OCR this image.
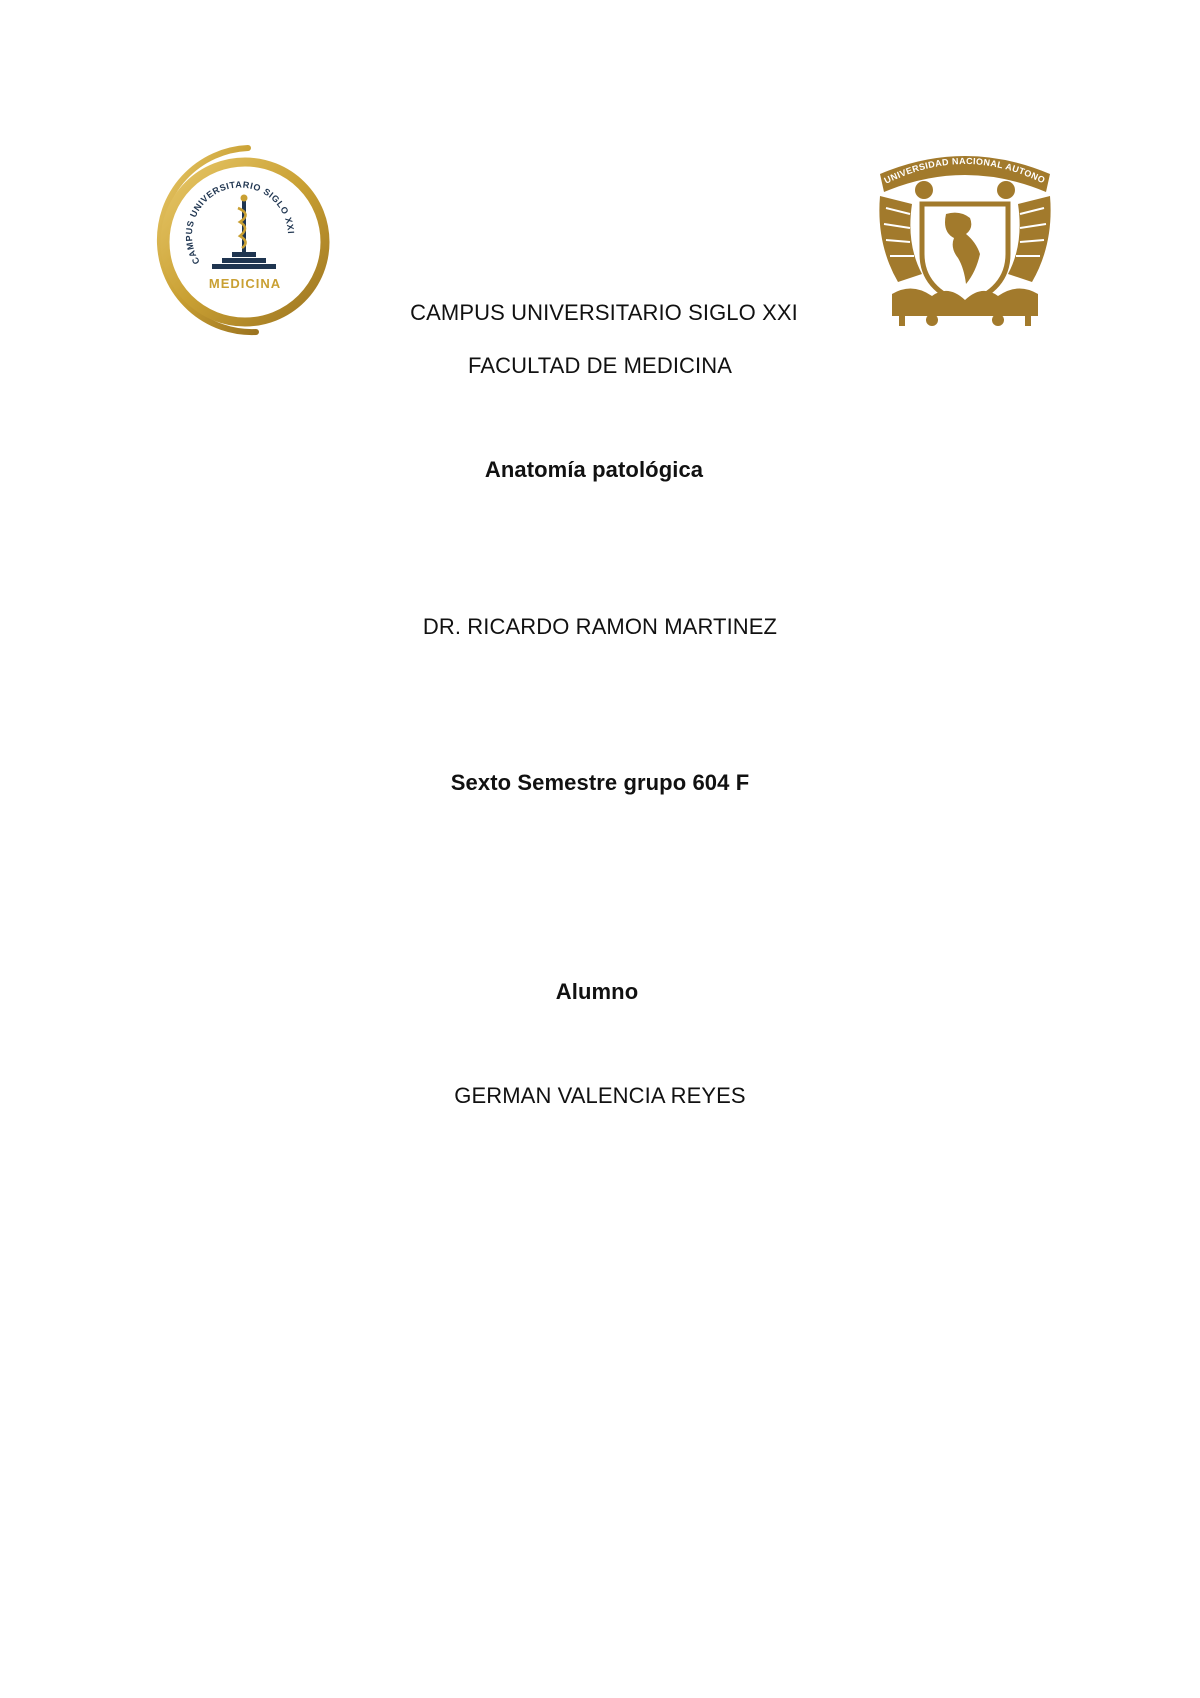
CAMPUS UNIVERSITARIO SIGLO XXI
MEDICINA
UNIVERSIDAD NACIONAL AUTONO
CAMPUS UNIVERSITARIO SIGLO XXI
FACULTAD DE MEDICINA
Anatomía patológica
DR. RICARDO RAMON MARTINEZ
Sexto Semestre grupo 604 F
Alumno
GERMAN VALENCIA REYES
